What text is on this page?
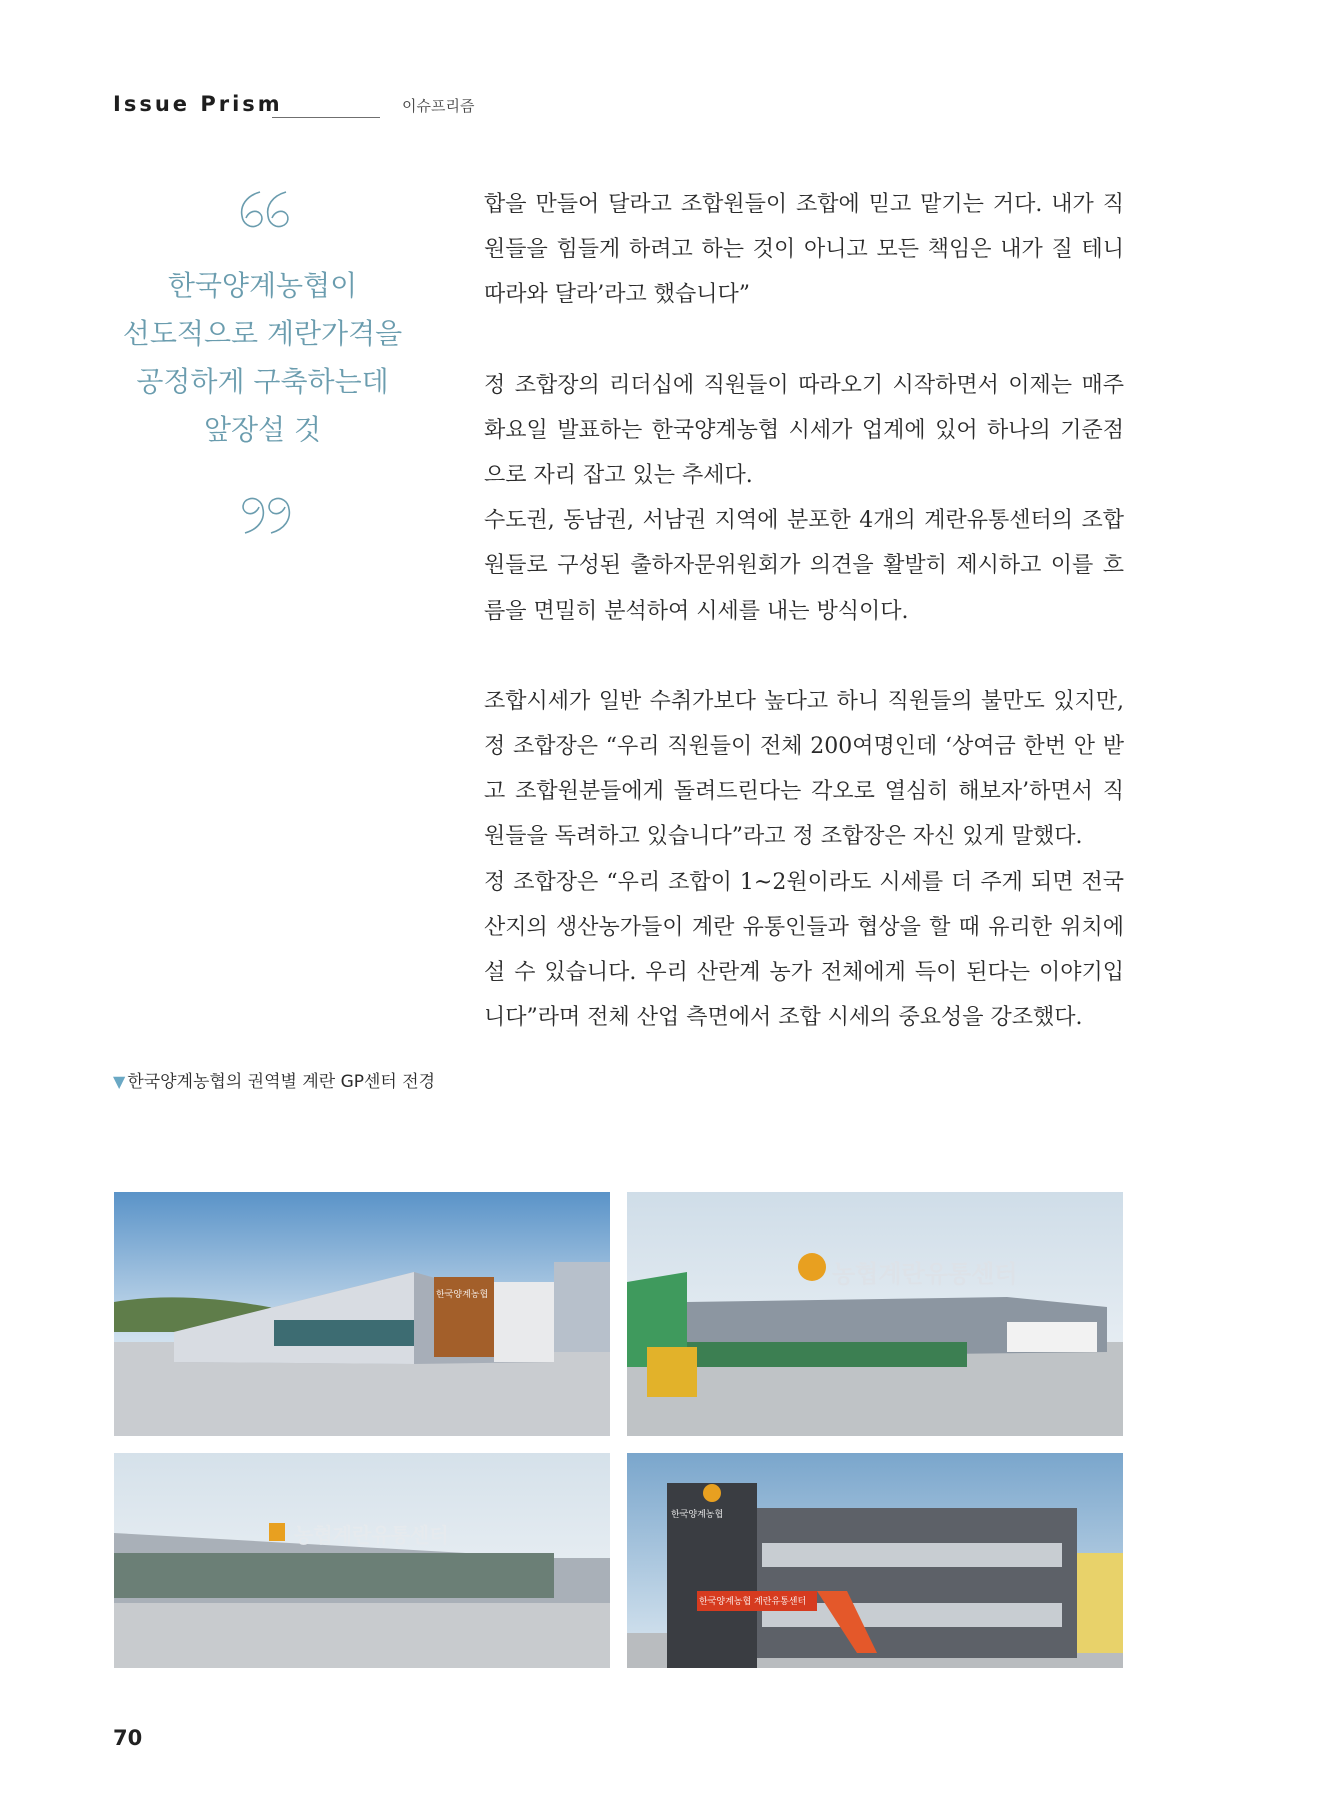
Issue Prism	이슈프리즘
한국양계농협이
선도적으로 계란가격을
공정하게 구축하는데
앞장설 것
▼ 한국양계농협의 권역별 계란 GP센터 전경

합을 만들어 달라고 조합원들이 조합에 믿고 맡기는 거다. 내가 직원들을 힘들게 하려고 하는 것이 아니고 모든 책임은 내가 질 테니 따라와 달라’라고 했습니다”

정 조합장의 리더십에 직원들이 따라오기 시작하면서 이제는 매주 화요일 발표하는 한국양계농협 시세가 업계에 있어 하나의 기준점으로 자리 잡고 있는 추세다.

수도권, 동남권, 서남권 지역에 분포한 4개의 계란유통센터의 조합원들로 구성된 출하자문위원회가 의견을 활발히 제시하고 이를 흐름을 면밀히 분석하여 시세를 내는 방식이다.

조합시세가 일반 수취가보다 높다고 하니 직원들의 불만도 있지만, 정 조합장은 “우리 직원들이 전체 200여명인데 ‘상여금 한번 안 받고 조합원분들에게 돌려드린다는 각오로 열심히 해보자’하면서 직원들을 독려하고 있습니다”라고 정 조합장은 자신 있게 말했다.

정 조합장은 “우리 조합이 1~2원이라도 시세를 더 주게 되면 전국 산지의 생산농가들이 계란 유통인들과 협상을 할 때 유리한 위치에 설 수 있습니다. 우리 산란계 농가 전체에게 득이 된다는 이야기입니다”라며 전체 산업 측면에서 조합 시세의 중요성을 강조했다.

한국양계농협
농협계란유통센터
농협계란유통센터
한국양계농협
한국양계농협 계란유통센터
70
